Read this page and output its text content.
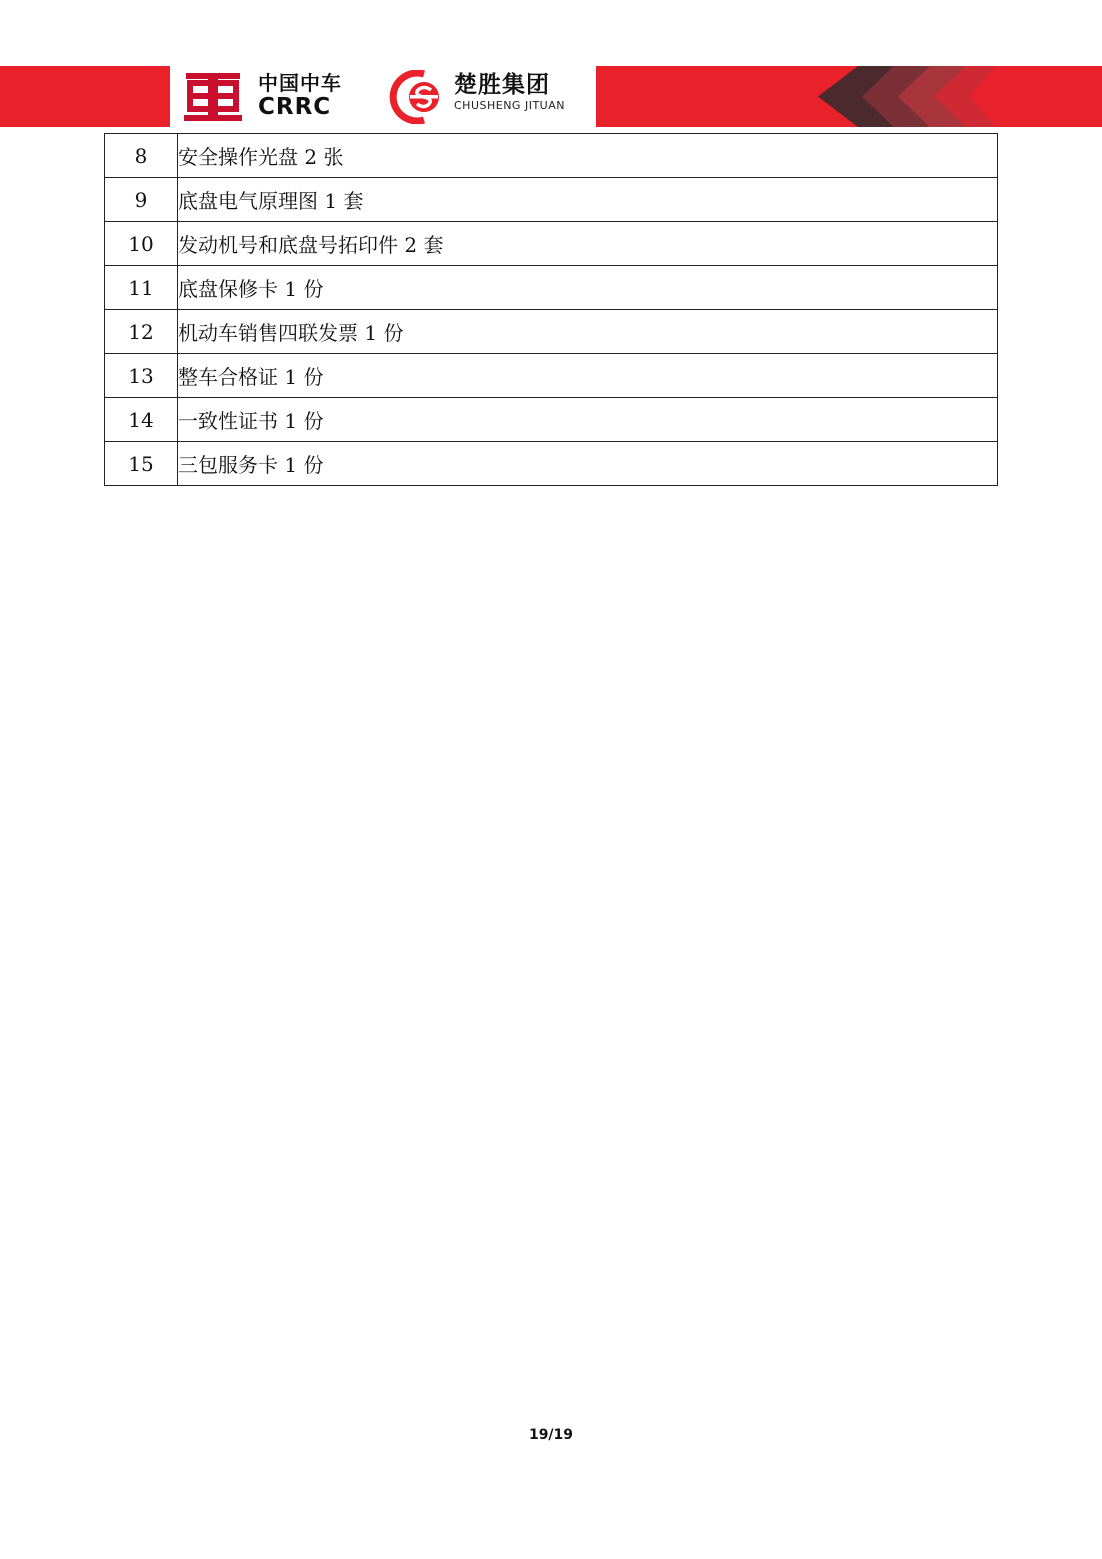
中国中车
CRRC
楚胜集团
CHUSHENG JITUAN
8	安全操作光盘 2 张
9	底盘电气原理图 1 套
10	发动机号和底盘号拓印件 2 套
11	底盘保修卡 1 份
12	机动车销售四联发票 1 份
13	整车合格证 1 份
14	一致性证书 1 份
15	三包服务卡 1 份
19/19
